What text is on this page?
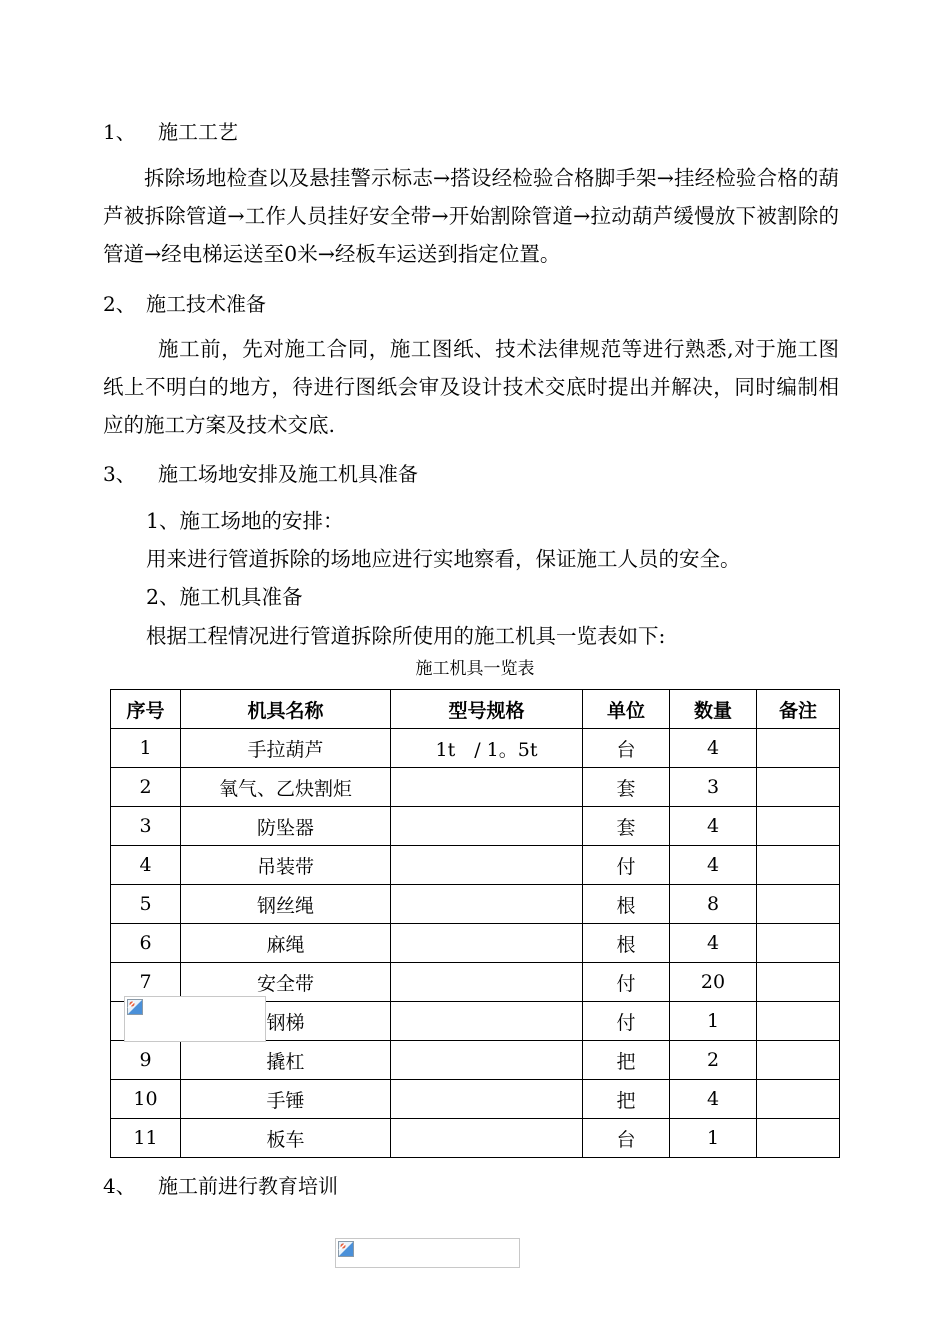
1、 施工工艺
拆除场地检查以及悬挂警示标志→搭设经检验合格脚手架→挂经检验合格的葫芦被拆除管道→工作人员挂好安全带→开始割除管道→拉动葫芦缓慢放下被割除的管道→经电梯运送至0米→经板车运送到指定位置。
2、 施工技术准备
施工前，先对施工合同，施工图纸、技术法律规范等进行熟悉,对于施工图纸上不明白的地方，待进行图纸会审及设计技术交底时提出并解决，同时编制相应的施工方案及技术交底.
3、 施工场地安排及施工机具准备
1、施工场地的安排：
用来进行管道拆除的场地应进行实地察看，保证施工人员的安全。
2、施工机具准备
根据工程情况进行管道拆除所使用的施工机具一览表如下:
施工机具一览表
序号	机具名称	型号规格	单位	数量	备注
1	手拉葫芦	1t　/ 1。5t	台	4	
2	氧气、乙炔割炬		套	3	
3	防坠器		套	4	
4	吊装带		付	4	
5	钢丝绳		根	8	
6	麻绳		根	4	
7	安全带		付	20	
	钢梯		付	1	
9	撬杠		把	2	
10	手锤		把	4	
11	板车		台	1	
4、 施工前进行教育培训
